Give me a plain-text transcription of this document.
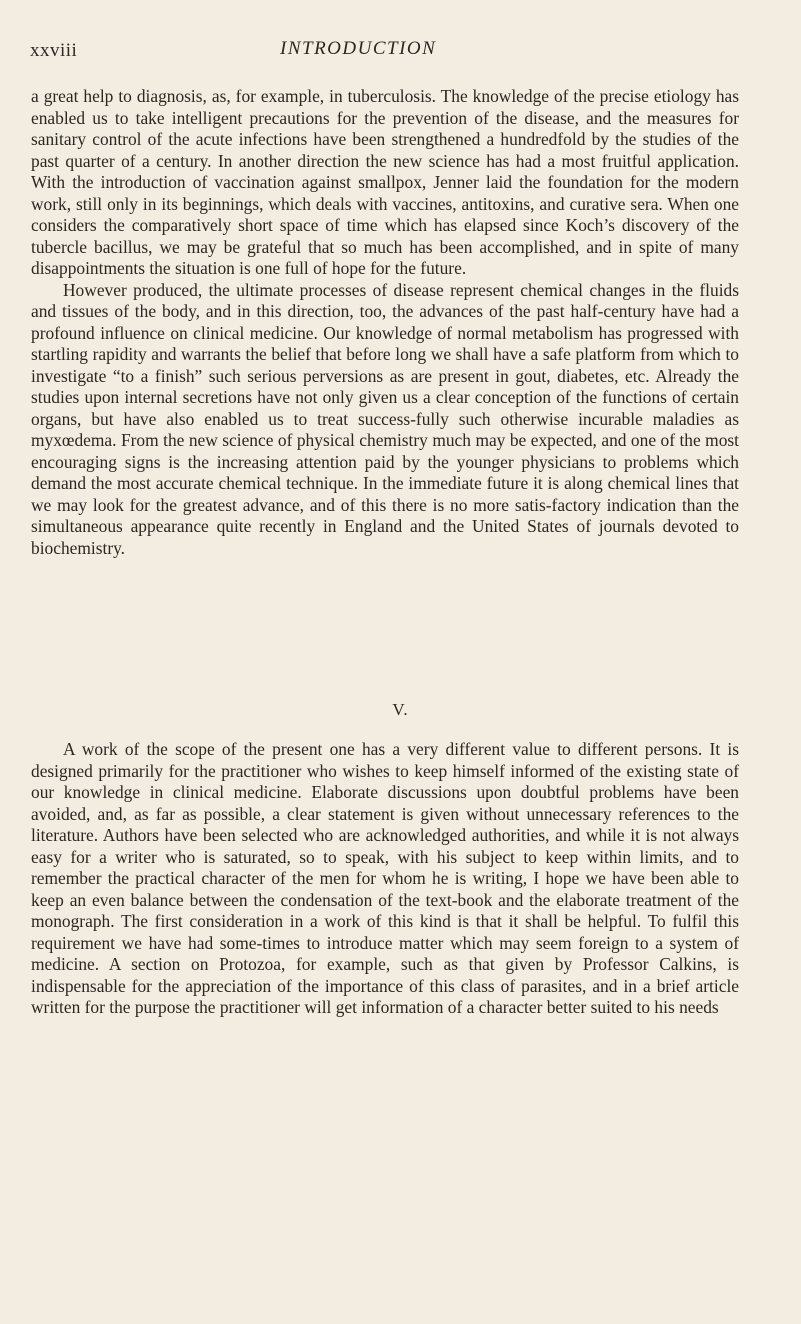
xxviii	INTRODUCTION

a great help to diagnosis, as, for example, in tuberculosis. The knowledge of the precise etiology has enabled us to take intelligent precautions for the prevention of the disease, and the measures for sanitary control of the acute infections have been strengthened a hundredfold by the studies of the past quarter of a century. In another direction the new science has had a most fruitful application. With the introduction of vaccination against smallpox, Jenner laid the foundation for the modern work, still only in its beginnings, which deals with vaccines, antitoxins, and curative sera. When one considers the comparatively short space of time which has elapsed since Koch’s discovery of the tubercle bacillus, we may be grateful that so much has been accomplished, and in spite of many disappointments the situation is one full of hope for the future.

However produced, the ultimate processes of disease represent chemical changes in the fluids and tissues of the body, and in this direction, too, the advances of the past half-century have had a profound influence on clinical medicine. Our knowledge of normal metabolism has progressed with startling rapidity and warrants the belief that before long we shall have a safe platform from which to investigate “to a finish” such serious perversions as are present in gout, diabetes, etc. Already the studies upon internal secretions have not only given us a clear conception of the functions of certain organs, but have also enabled us to treat success-fully such otherwise incurable maladies as myxœdema. From the new science of physical chemistry much may be expected, and one of the most encouraging signs is the increasing attention paid by the younger physicians to problems which demand the most accurate chemical technique. In the immediate future it is along chemical lines that we may look for the greatest advance, and of this there is no more satis-factory indication than the simultaneous appearance quite recently in England and the United States of journals devoted to biochemistry.

V.

A work of the scope of the present one has a very different value to different persons. It is designed primarily for the practitioner who wishes to keep himself informed of the existing state of our knowledge in clinical medicine. Elaborate discussions upon doubtful problems have been avoided, and, as far as possible, a clear statement is given without unnecessary references to the literature. Authors have been selected who are acknowledged authorities, and while it is not always easy for a writer who is saturated, so to speak, with his subject to keep within limits, and to remember the practical character of the men for whom he is writing, I hope we have been able to keep an even balance between the condensation of the text-book and the elaborate treatment of the monograph. The first consideration in a work of this kind is that it shall be helpful. To fulfil this requirement we have had some-times to introduce matter which may seem foreign to a system of medicine. A section on Protozoa, for example, such as that given by Professor Calkins, is indispensable for the appreciation of the importance of this class of parasites, and in a brief article written for the purpose the practitioner will get information of a character better suited to his needs
